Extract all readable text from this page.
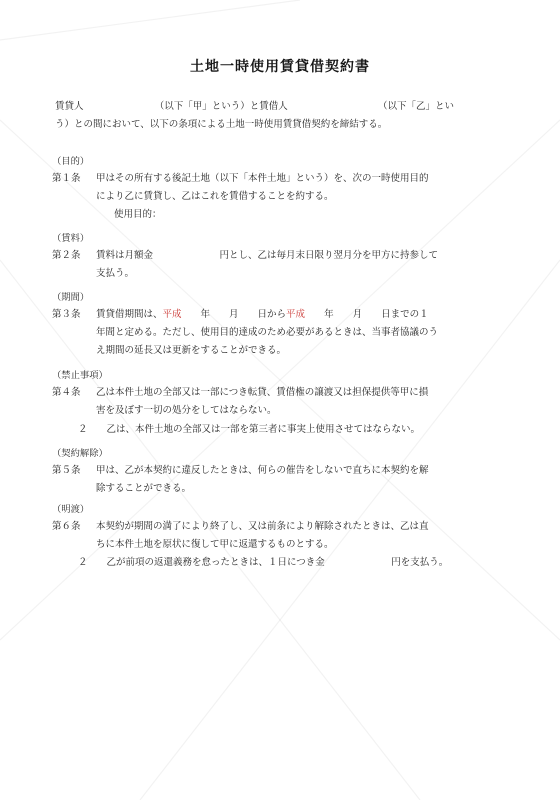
土地一時使用賃貸借契約書
賃貸人　　　　　　　　（以下「甲」という）と賃借人　　　　　　　　　　（以下「乙」とい
う）との間において、以下の条項による土地一時使用賃貸借契約を締結する。
（目的）
第１条 甲はその所有する後記土地（以下「本件土地」という）を、次の一時使用目的
により乙に賃貸し、乙はこれを賃借することを約する。
使用目的：
（賃料）
第２条 賃料は月額金　　　　　　　円とし、乙は毎月末日限り翌月分を甲方に持参して
支払う。
（期間）
第３条 賃貸借期間は、平成　　年　　月　　日から平成　　年　　月　　日までの１
年間と定める。ただし、使用目的達成のため必要があるときは、当事者協議のう
え期間の延長又は更新をすることができる。
（禁止事項）
第４条 乙は本件土地の全部又は一部につき転貸、賃借権の譲渡又は担保提供等甲に損
害を及ぼす一切の処分をしてはならない。
２　　乙は、本件土地の全部又は一部を第三者に事実上使用させてはならない。
（契約解除）
第５条 甲は、乙が本契約に違反したときは、何らの催告をしないで直ちに本契約を解
除することができる。
（明渡）
第６条 本契約が期間の満了により終了し、又は前条により解除されたときは、乙は直
ちに本件土地を原状に復して甲に返還するものとする。
２　　乙が前項の返還義務を怠ったときは、１日につき金　　　　　　　円を支払う。
